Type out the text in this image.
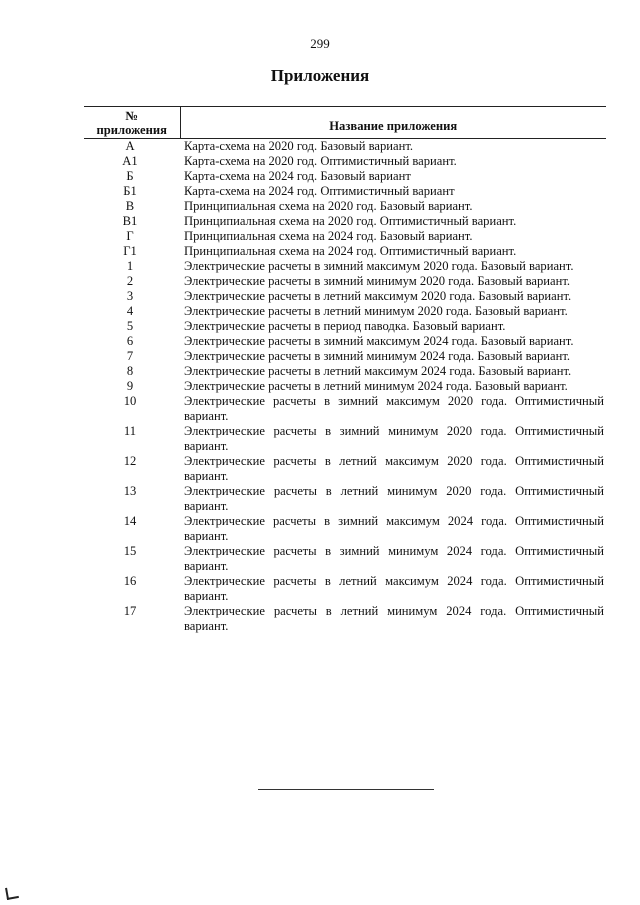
299
Приложения
№
приложения	Название приложения
А	Карта-схема на 2020 год. Базовый вариант.
А1	Карта-схема на 2020 год. Оптимистичный вариант.
Б	Карта-схема на 2024 год. Базовый вариант
Б1	Карта-схема на 2024 год. Оптимистичный вариант
В	Принципиальная схема на 2020 год. Базовый вариант.
В1	Принципиальная схема на 2020 год. Оптимистичный вариант.
Г	Принципиальная схема на 2024 год. Базовый вариант.
Г1	Принципиальная схема на 2024 год. Оптимистичный вариант.
1	Электрические расчеты в зимний максимум 2020 года. Базовый вариант.
2	Электрические расчеты в зимний минимум 2020 года. Базовый вариант.
3	Электрические расчеты в летний максимум 2020 года. Базовый вариант.
4	Электрические расчеты в летний минимум 2020 года. Базовый вариант.
5	Электрические расчеты в период паводка. Базовый вариант.
6	Электрические расчеты в зимний максимум 2024 года. Базовый вариант.
7	Электрические расчеты в зимний минимум 2024 года. Базовый вариант.
8	Электрические расчеты в летний максимум 2024 года. Базовый вариант.
9	Электрические расчеты в летний минимум 2024 года. Базовый вариант.
10	Электрические расчеты в зимний максимум 2020 года. Оптимистичный вариант.
11	Электрические расчеты в зимний минимум 2020 года. Оптимистичный вариант.
12	Электрические расчеты в летний максимум 2020 года. Оптимистичный вариант.
13	Электрические расчеты в летний минимум 2020 года. Оптимистичный вариант.
14	Электрические расчеты в зимний максимум 2024 года. Оптимистичный вариант.
15	Электрические расчеты в зимний минимум 2024 года. Оптимистичный вариант.
16	Электрические расчеты в летний максимум 2024 года. Оптимистичный вариант.
17	Электрические расчеты в летний минимум 2024 года. Оптимистичный вариант.
